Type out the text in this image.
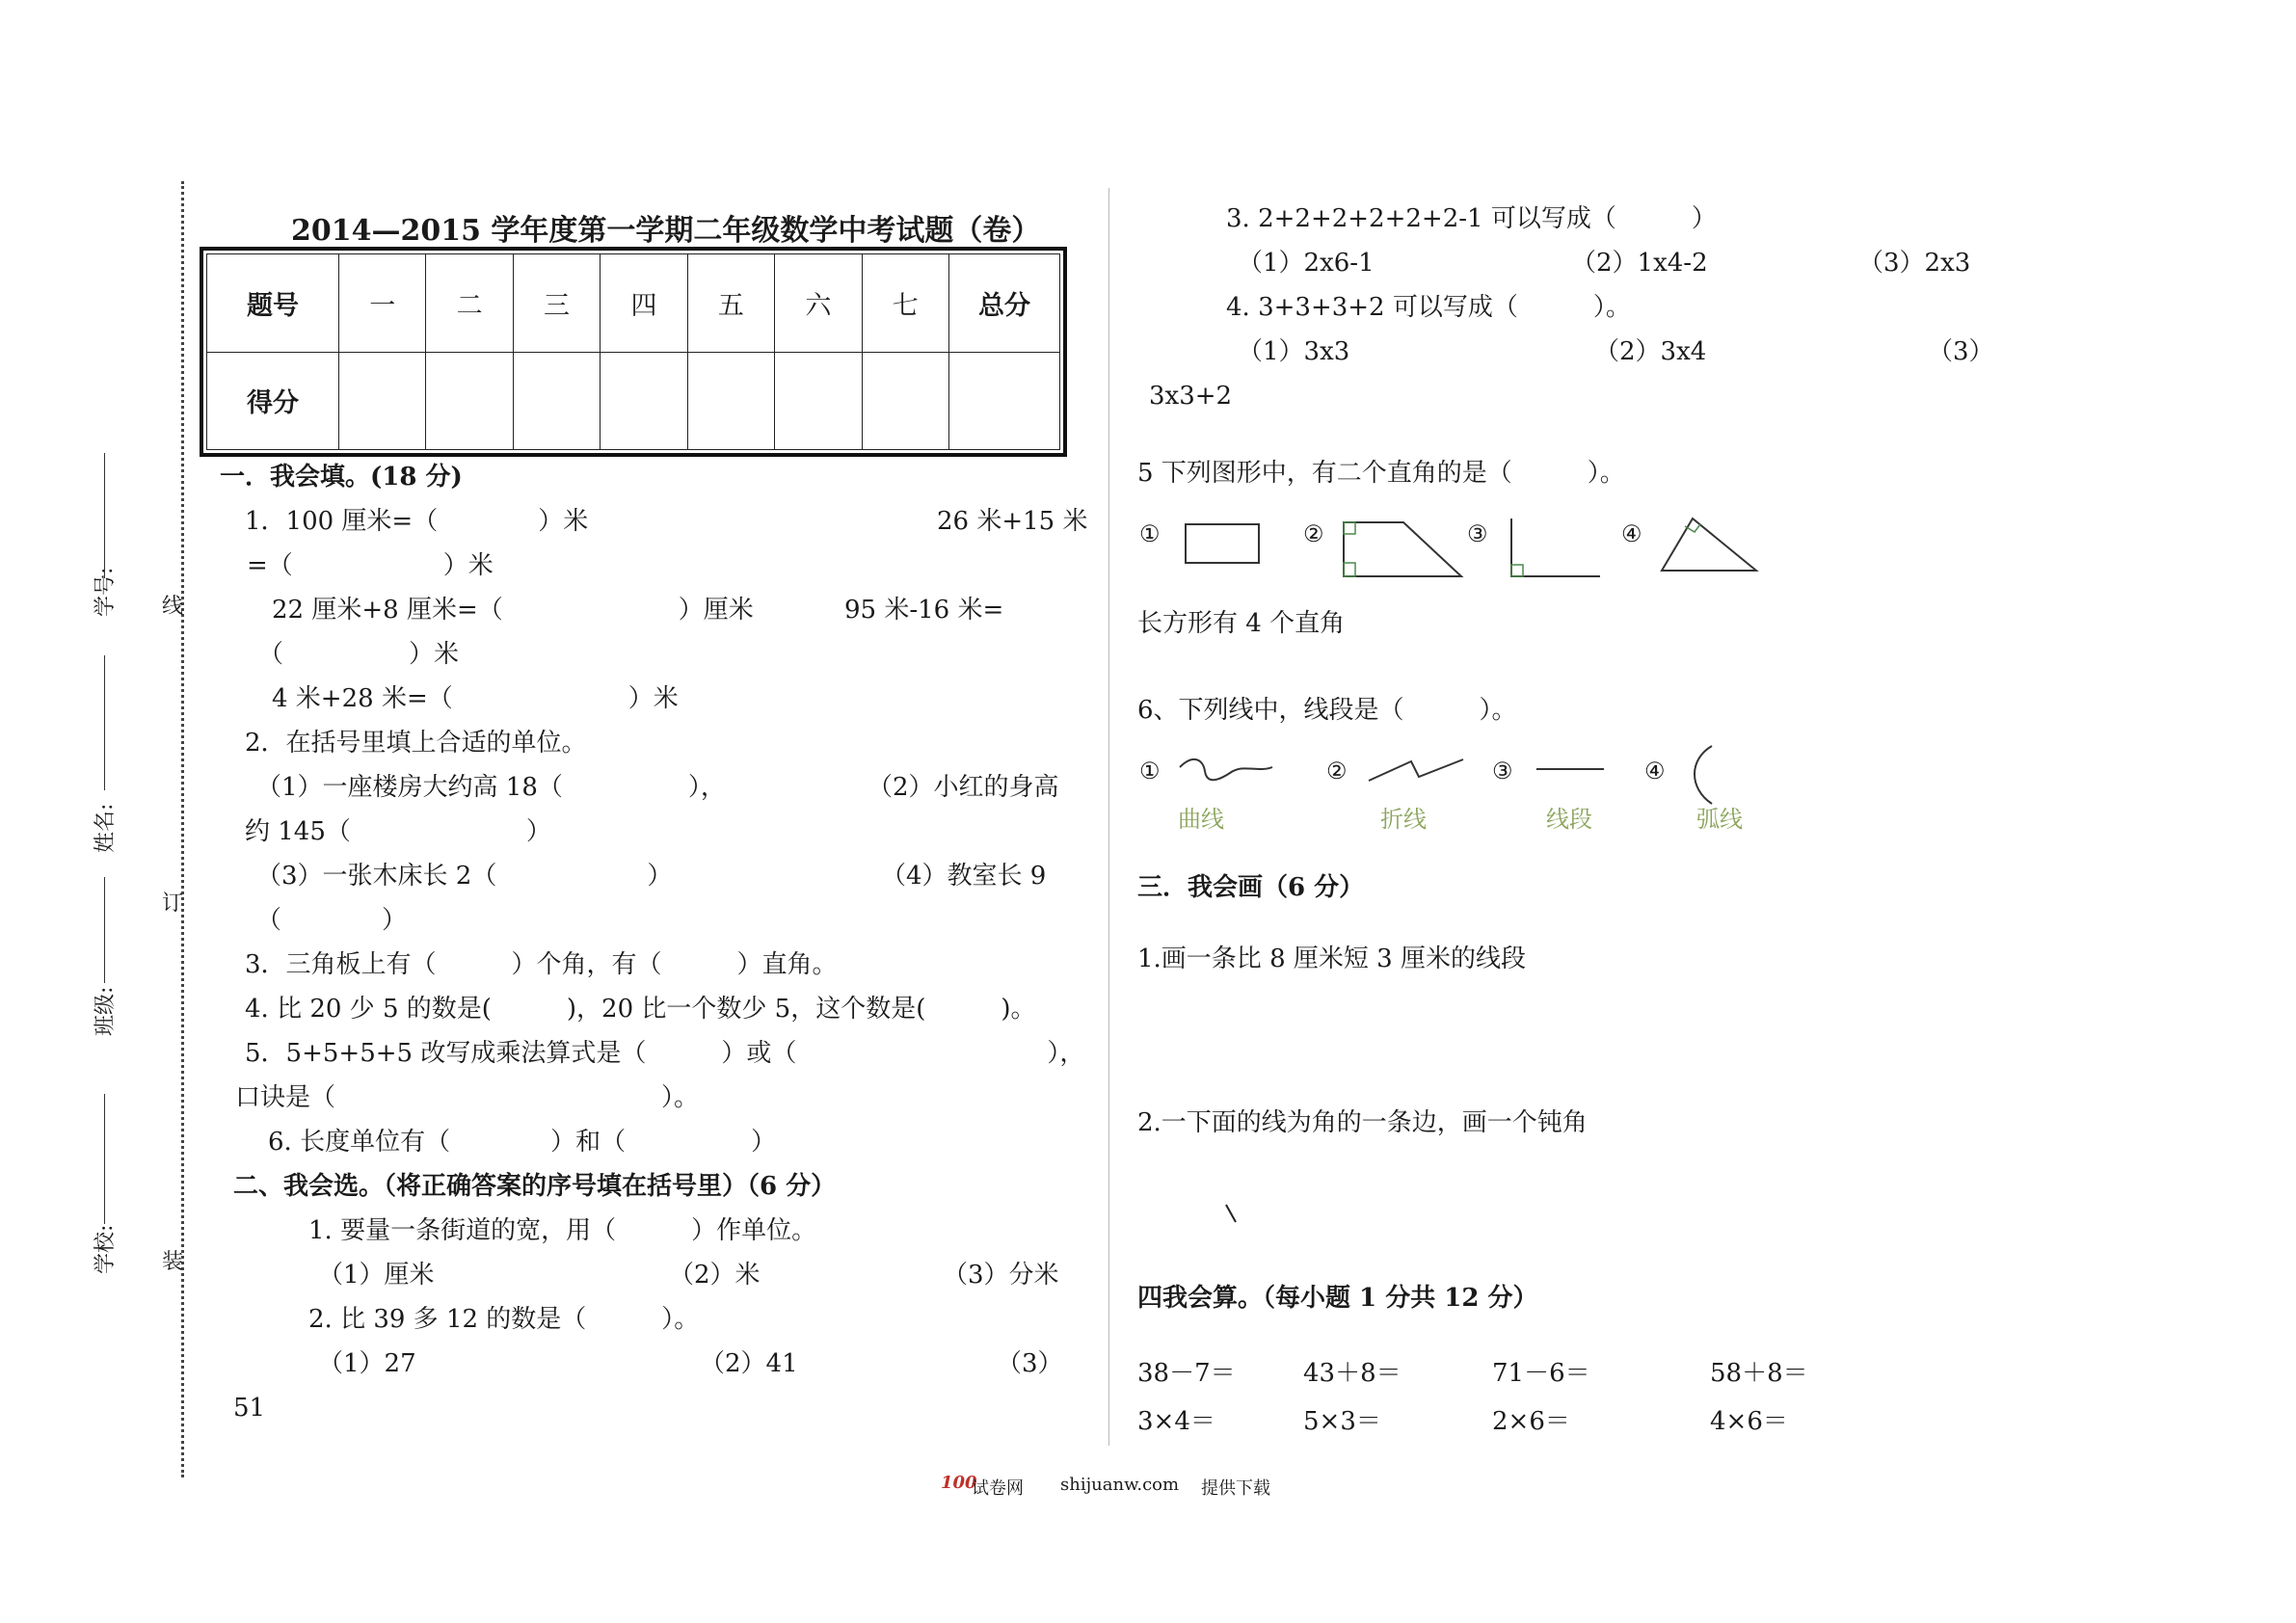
线
订
装
学号:
姓名:
班级:
学校:
2014—2015 学年度第一学期二年级数学中考试题（卷）
题号	一	二	三	四	五	六	七	总分
得分								
一．我会填。(18 分)
1．100 厘米=（　　　　）米	26 米+15 米
=（　　　　　　）米
22 厘米+8 厘米=（　　　　　　　）厘米	95 米-16 米=
（　　　　　）米
4 米+28 米=（　　　　　　　）米
2．在括号里填上合适的单位。
（1）一座楼房大约高 18（　　　　　），	（2）小红的身高
约 145（　　　　　　　）
（3）一张木床长 2（　　　　　　）	（4）教室长 9
（　　　　）
3．三角板上有（　　　）个角，有（　　　）直角。
4. 比 20 少 5 的数是(　　　)，20 比一个数少 5，这个数是(　　　)。
5．5+5+5+5 改写成乘法算式是（　　　）或（　　　　　　　　　　），
口诀是（　　　　　　　　　　　　　）。
6. 长度单位有（　　　　）和（　　　　　）
二、我会选。（将正确答案的序号填在括号里）（6 分）
1. 要量一条街道的宽，用（　　　）作单位。
（1）厘米	（2）米	（3）分米
2. 比 39 多 12 的数是（　　　）。
（1）27	（2）41	（3）
51
3. 2+2+2+2+2+2-1 可以写成（　　　）
（1）2x6-1	（2）1x4-2	（3）2x3
4. 3+3+3+2 可以写成（　　　）。
（1）3x3	（2）3x4	（3）
3x3+2
5 下列图形中，有二个直角的是（　　　）。
①	②	③	④
长方形有 4 个直角
6、下列线中，线段是（　　　）。
①	②	③	④
曲线	折线	线段	弧线
三．我会画（6 分）
1.画一条比 8 厘米短 3 厘米的线段
2.一下面的线为角的一条边，画一个钝角
四我会算。（每小题 1 分共 12 分）
38－7＝	43＋8＝	71－6＝	58＋8＝
3×4＝	5×3＝	2×6＝	4×6＝
100
试卷网 shijuanw.com 提供下载
